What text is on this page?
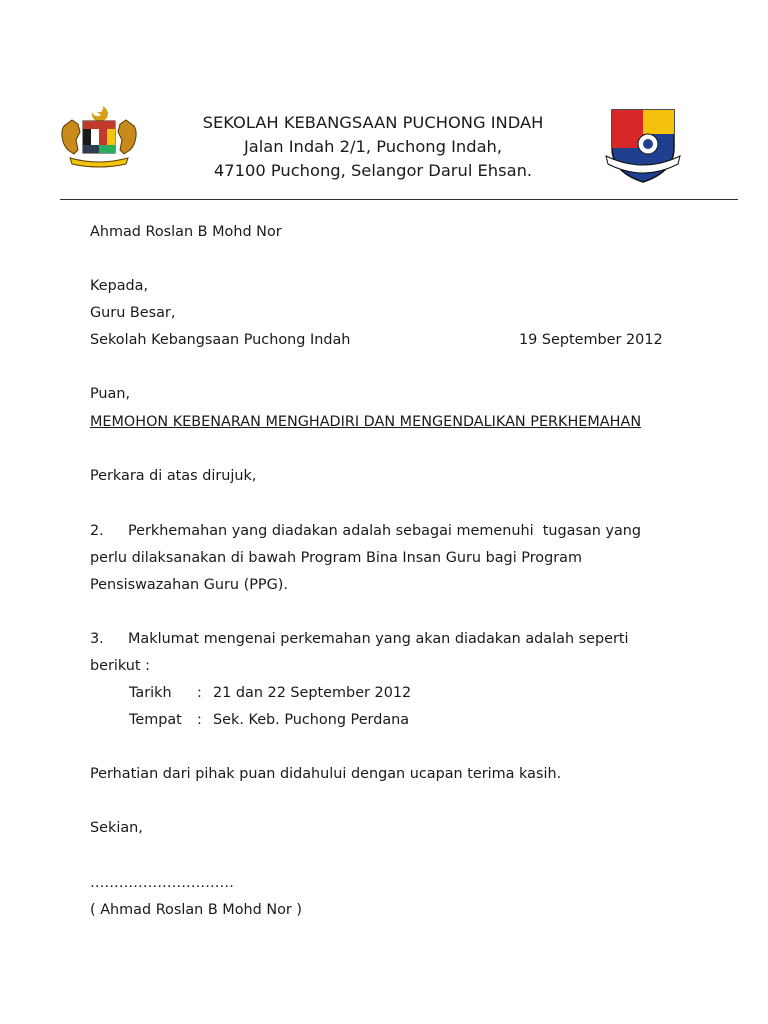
SEKOLAH KEBANGSAAN PUCHONG INDAH
Jalan Indah 2/1, Puchong Indah,
47100 Puchong, Selangor Darul Ehsan.
Ahmad Roslan B Mohd Nor
Kepada,
Guru Besar,
Sekolah Kebangsaan Puchong Indah	19 September 2012
Puan,
MEMOHON KEBENARAN MENGHADIRI DAN MENGENDALIKAN PERKHEMAHAN
Perkara di atas dirujuk,
2. Perkhemahan yang diadakan adalah sebagai memenuhi  tugasan yang
perlu dilaksanakan di bawah Program Bina Insan Guru bagi Program
Pensiswazahan Guru (PPG).
3. Maklumat mengenai perkemahan yang akan diadakan adalah seperti
berikut :
Tarikh : 21 dan 22 September 2012
Tempat : Sek. Keb. Puchong Perdana
Perhatian dari pihak puan didahului dengan ucapan terima kasih.
Sekian,
…………………………
( Ahmad Roslan B Mohd Nor )
